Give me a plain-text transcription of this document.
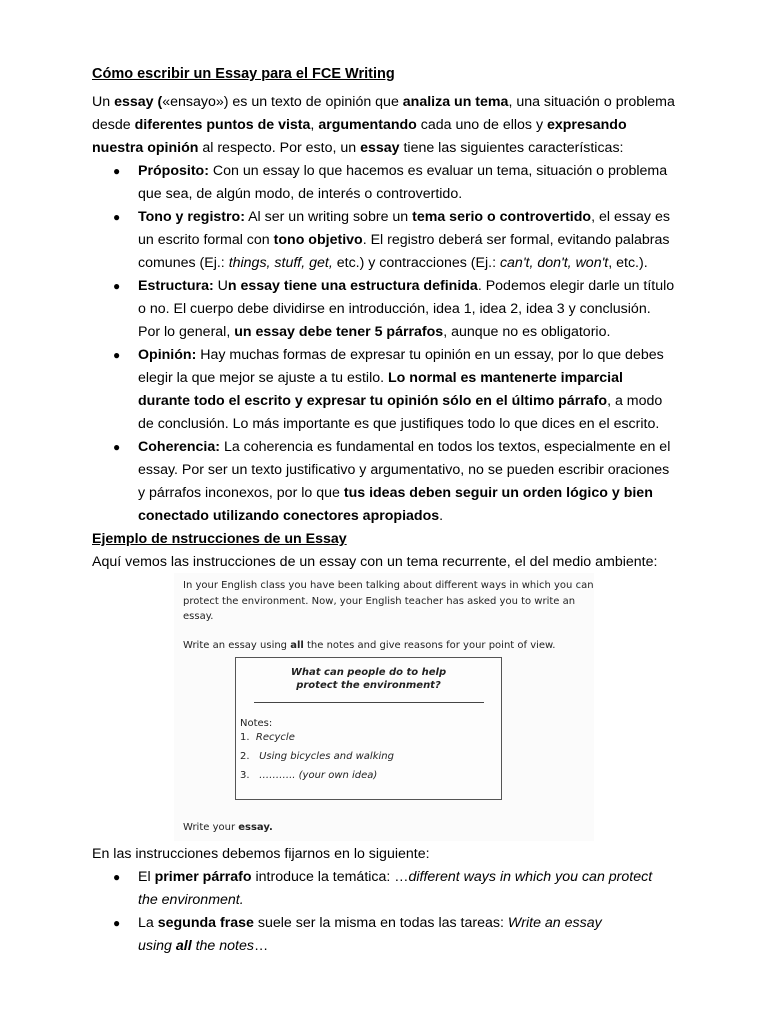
Cómo escribir un Essay para el FCE Writing
Un essay («ensayo») es un texto de opinión que analiza un tema, una situación o problema
desde diferentes puntos de vista, argumentando cada uno de ellos y expresando
nuestra opinión al respecto. Por esto, un essay tiene las siguientes características:
● Próposito: Con un essay lo que hacemos es evaluar un tema, situación o problema
que sea, de algún modo, de interés o controvertido.
● Tono y registro: Al ser un writing sobre un tema serio o controvertido, el essay es
un escrito formal con tono objetivo. El registro deberá ser formal, evitando palabras
comunes (Ej.: things, stuff, get, etc.) y contracciones (Ej.: can't, don't, won't, etc.).
● Estructura: Un essay tiene una estructura definida. Podemos elegir darle un título
o no. El cuerpo debe dividirse en introducción, idea 1, idea 2, idea 3 y conclusión.
Por lo general, un essay debe tener 5 párrafos, aunque no es obligatorio.
● Opinión: Hay muchas formas de expresar tu opinión en un essay, por lo que debes
elegir la que mejor se ajuste a tu estilo. Lo normal es mantenerte imparcial
durante todo el escrito y expresar tu opinión sólo en el último párrafo, a modo
de conclusión. Lo más importante es que justifiques todo lo que dices en el escrito.
● Coherencia: La coherencia es fundamental en todos los textos, especialmente en el
essay. Por ser un texto justificativo y argumentativo, no se pueden escribir oraciones
y párrafos inconexos, por lo que tus ideas deben seguir un orden lógico y bien
conectado utilizando conectores apropiados.
Ejemplo de nstrucciones de un Essay
Aquí vemos las instrucciones de un essay con un tema recurrente, el del medio ambiente:
In your English class you have been talking about different ways in which you can
protect the environment. Now, your English teacher has asked you to write an
essay.
Write an essay using all the notes and give reasons for your point of view.
What can people do to help
protect the environment?
Notes:
1. Recycle
2. Using bicycles and walking
3. ……….. (your own idea)
Write your essay.
En las instrucciones debemos fijarnos en lo siguiente:
● El primer párrafo introduce la temática: …different ways in which you can protect
the environment.
● La segunda frase suele ser la misma en todas las tareas: Write an essay
using all the notes…
